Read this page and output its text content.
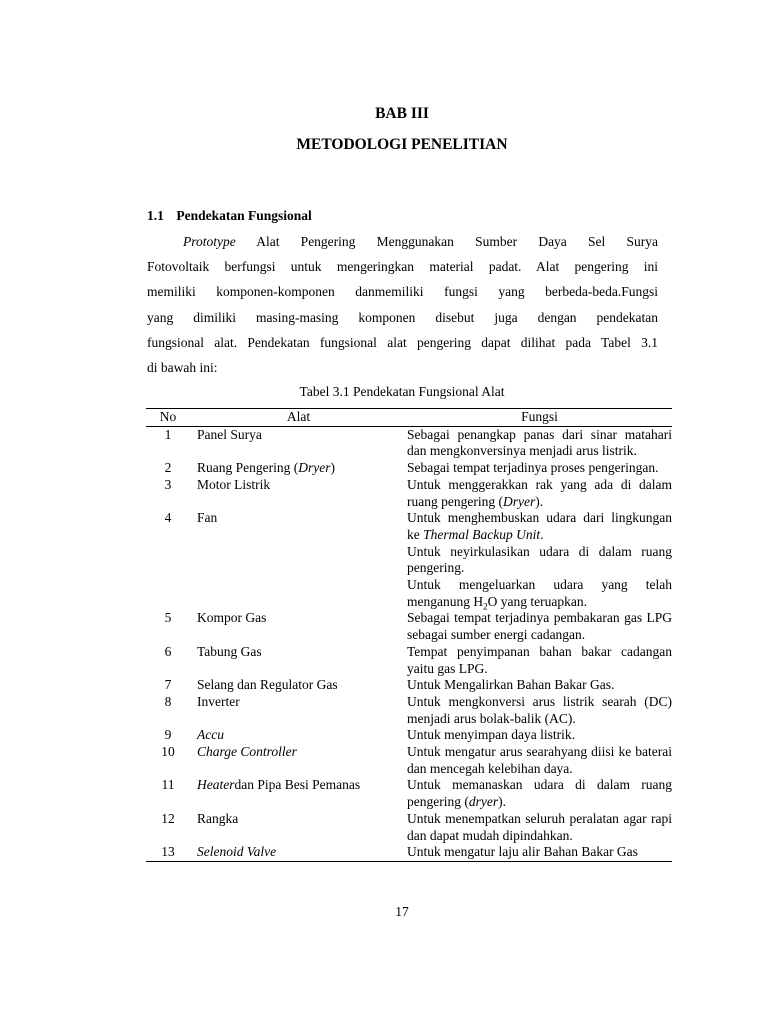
BAB III
METODOLOGI PENELITIAN
1.1 Pendekatan Fungsional
Prototype Alat Pengering Menggunakan Sumber Daya Sel Surya
Fotovoltaik berfungsi untuk mengeringkan material padat. Alat pengering ini
memiliki komponen-komponen danmemiliki fungsi yang berbeda-beda.Fungsi
yang dimiliki masing-masing komponen disebut juga dengan pendekatan
fungsional alat. Pendekatan fungsional alat pengering dapat dilihat pada Tabel 3.1
di bawah ini:
Tabel 3.1 Pendekatan Fungsional Alat
No	Alat	Fungsi
1	Panel Surya	Sebagai penangkap panas dari sinar matahari dan mengkonversinya menjadi arus listrik.
2	Ruang Pengering (Dryer)	Sebagai tempat terjadinya proses pengeringan.
3	Motor Listrik	Untuk menggerakkan rak yang ada di dalam ruang pengering (Dryer).
4	Fan	Untuk menghembuskan udara dari lingkungan ke Thermal Backup Unit.
Untuk neyirkulasikan udara di dalam ruang pengering.
Untuk mengeluarkan udara yang telah menganung $H_2O$ yang teruapkan.

5	Kompor Gas	Sebagai tempat terjadinya pembakaran gas LPG sebagai sumber energi cadangan.
6	Tabung Gas	Tempat penyimpanan bahan bakar cadangan yaitu gas LPG.
7	Selang dan Regulator Gas	Untuk Mengalirkan Bahan Bakar Gas.
8	Inverter	Untuk mengkonversi arus listrik searah (DC) menjadi arus bolak-balik (AC).
9	Accu	Untuk menyimpan daya listrik.
10	Charge Controller	Untuk mengatur arus searahyang diisi ke baterai dan mencegah kelebihan daya.
11	Heaterdan Pipa Besi Pemanas	Untuk memanaskan udara di dalam ruang pengering (dryer).
12	Rangka	Untuk menempatkan seluruh peralatan agar rapi dan dapat mudah dipindahkan.
13	Selenoid Valve	Untuk mengatur laju alir Bahan Bakar Gas
17
